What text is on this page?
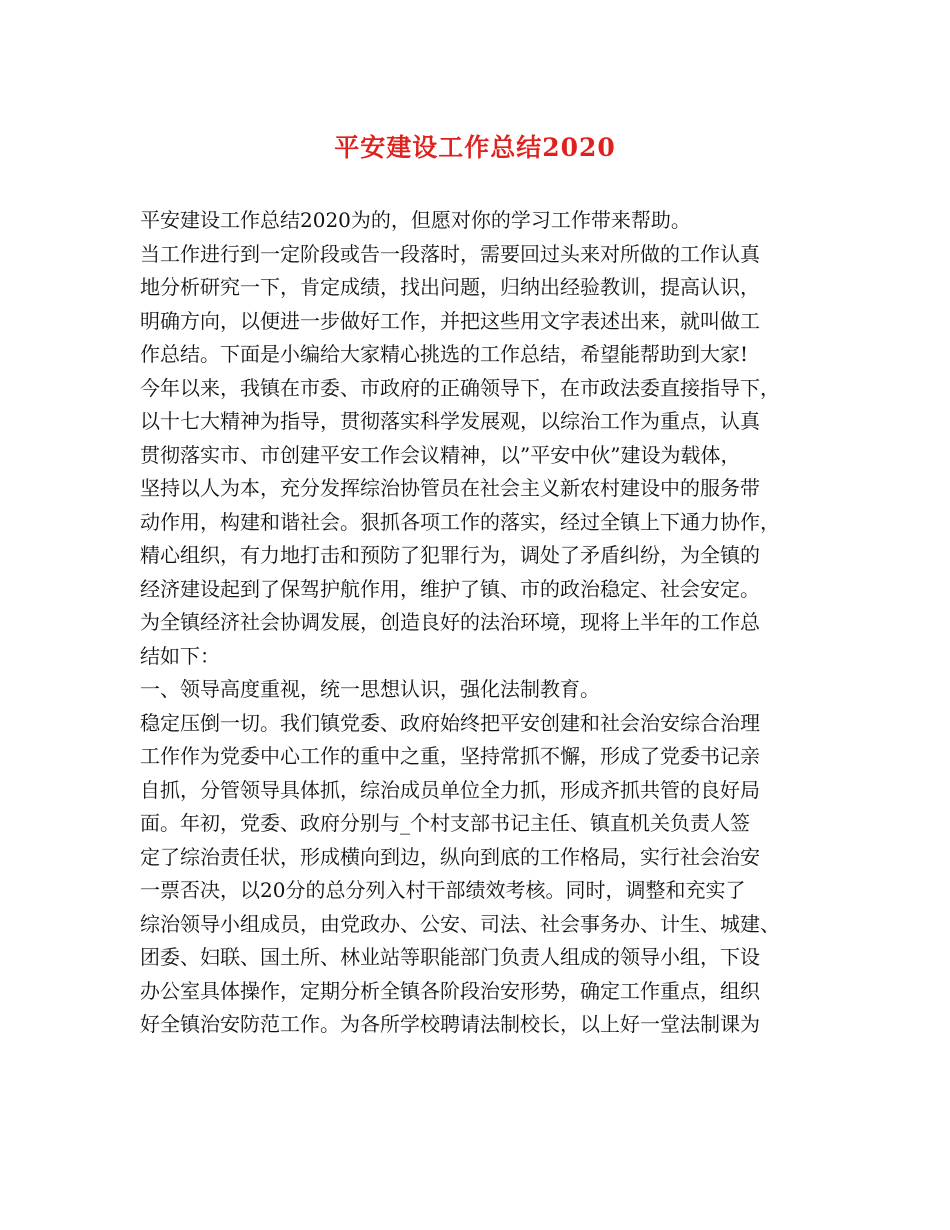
平安建设工作总结2020
平安建设工作总结2020为的，但愿对你的学习工作带来帮助。
当工作进行到一定阶段或告一段落时，需要回过头来对所做的工作认真
地分析研究一下，肯定成绩，找出问题，归纳出经验教训，提高认识，
明确方向，以便进一步做好工作，并把这些用文字表述出来，就叫做工
作总结。下面是小编给大家精心挑选的工作总结，希望能帮助到大家!
今年以来，我镇在市委、市政府的正确领导下，在市政法委直接指导下，
以十七大精神为指导，贯彻落实科学发展观，以综治工作为重点，认真
贯彻落实市、市创建平安工作会议精神，以”平安中伙”建设为载体，
坚持以人为本，充分发挥综治协管员在社会主义新农村建设中的服务带
动作用，构建和谐社会。狠抓各项工作的落实，经过全镇上下通力协作，
精心组织，有力地打击和预防了犯罪行为，调处了矛盾纠纷，为全镇的
经济建设起到了保驾护航作用，维护了镇、市的政治稳定、社会安定。
为全镇经济社会协调发展，创造良好的法治环境，现将上半年的工作总
结如下：
一、领导高度重视，统一思想认识，强化法制教育。
稳定压倒一切。我们镇党委、政府始终把平安创建和社会治安综合治理
工作作为党委中心工作的重中之重，坚持常抓不懈，形成了党委书记亲
自抓，分管领导具体抓，综治成员单位全力抓，形成齐抓共管的良好局
面。年初，党委、政府分别与_个村支部书记主任、镇直机关负责人签
定了综治责任状，形成横向到边，纵向到底的工作格局，实行社会治安
一票否决，以20分的总分列入村干部绩效考核。同时，调整和充实了
综治领导小组成员，由党政办、公安、司法、社会事务办、计生、城建、
团委、妇联、国土所、林业站等职能部门负责人组成的领导小组，下设
办公室具体操作，定期分析全镇各阶段治安形势，确定工作重点，组织
好全镇治安防范工作。为各所学校聘请法制校长，以上好一堂法制课为
